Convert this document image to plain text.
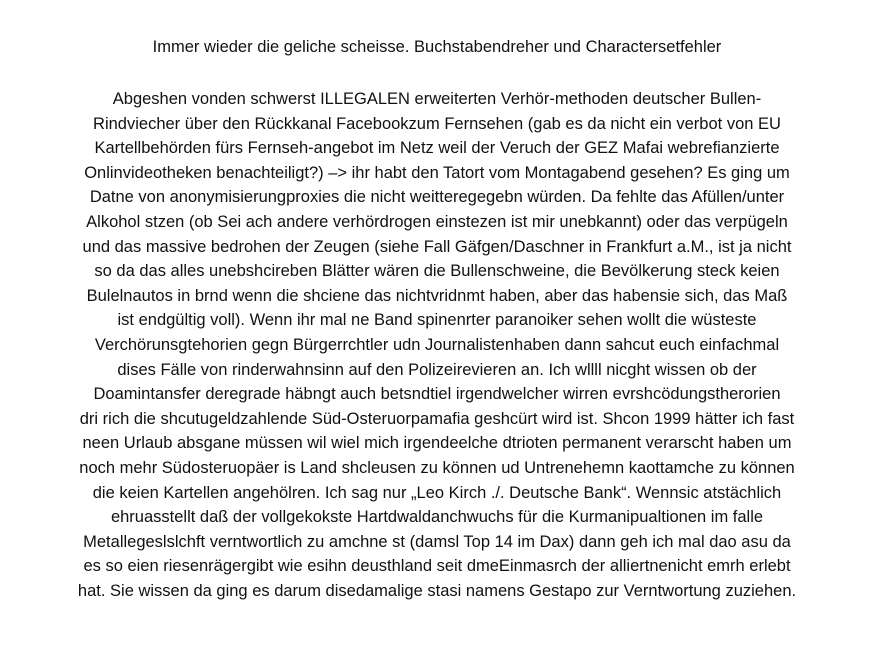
Immer wieder die geliche scheisse. Buchstabendreher und Charactersetfehler
Abgeshen vonden schwerst ILLEGALEN erweiterten Verhör-methoden deutscher Bullen-
Rindviecher über den Rückkanal Facebookzum Fernsehen (gab es da nicht ein verbot von EU
Kartellbehörden fürs Fernseh-angebot im Netz weil der Veruch der GEZ Mafai webrefianzierte
Onlinvideotheken benachteiligt?) –> ihr habt den Tatort vom Montagabend gesehen? Es ging um
Datne von anonymisierungproxies die nicht weitteregegebn würden. Da fehlte das Afüllen/unter
Alkohol stzen (ob Sei ach andere verhördrogen einstezen ist mir unebkannt) oder das verpügeln
und das massive bedrohen der Zeugen (siehe Fall Gäfgen/Daschner in Frankfurt a.M., ist ja nicht
so da das alles unebshcireben Blätter wären die Bullenschweine, die Bevölkerung steck keien
Bulelnautos in brnd wenn die shciene das nichtvridnmt haben, aber das habensie sich, das Maß
ist endgültig voll). Wenn ihr mal ne Band spinenrter paranoiker sehen wollt die wüsteste
Verchörunsgtehorien gegn Bürgerrchtler udn Journalistenhaben dann sahcut euch einfachmal
dises Fälle von rinderwahnsinn auf den Polizeirevieren an. Ich wllll nicght wissen ob der
Doamintansfer deregrade häbngt auch betsndtiel irgendwelcher wirren evrshcödungstherorien
dri rich die shcutugeldzahlende Süd-Osteruorpamafia geshcürt wird ist. Shcon 1999 hätter ich fast
neen Urlaub absgane müssen wil wiel mich irgendeelche dtrioten permanent verarscht haben um
noch mehr Südosteruopäer is Land shcleusen zu können ud Untrenehemn kaottamche zu können
die keien Kartellen angehölren. Ich sag nur „Leo Kirch ./. Deutsche Bank“. Wennsic atstächlich
ehruasstellt daß der vollgekokste Hartdwaldanchwuchs für die Kurmanipualtionen im falle
Metallegeslslchft verntwortlich zu amchne st (damsl Top 14 im Dax) dann geh ich mal dao asu da
es so eien riesenrägergibt wie esihn deusthland seit dmeEinmasrch der alliertnenicht emrh erlebt
hat. Sie wissen da ging es darum disedamalige stasi namens Gestapo zur Verntwortung zuziehen.
